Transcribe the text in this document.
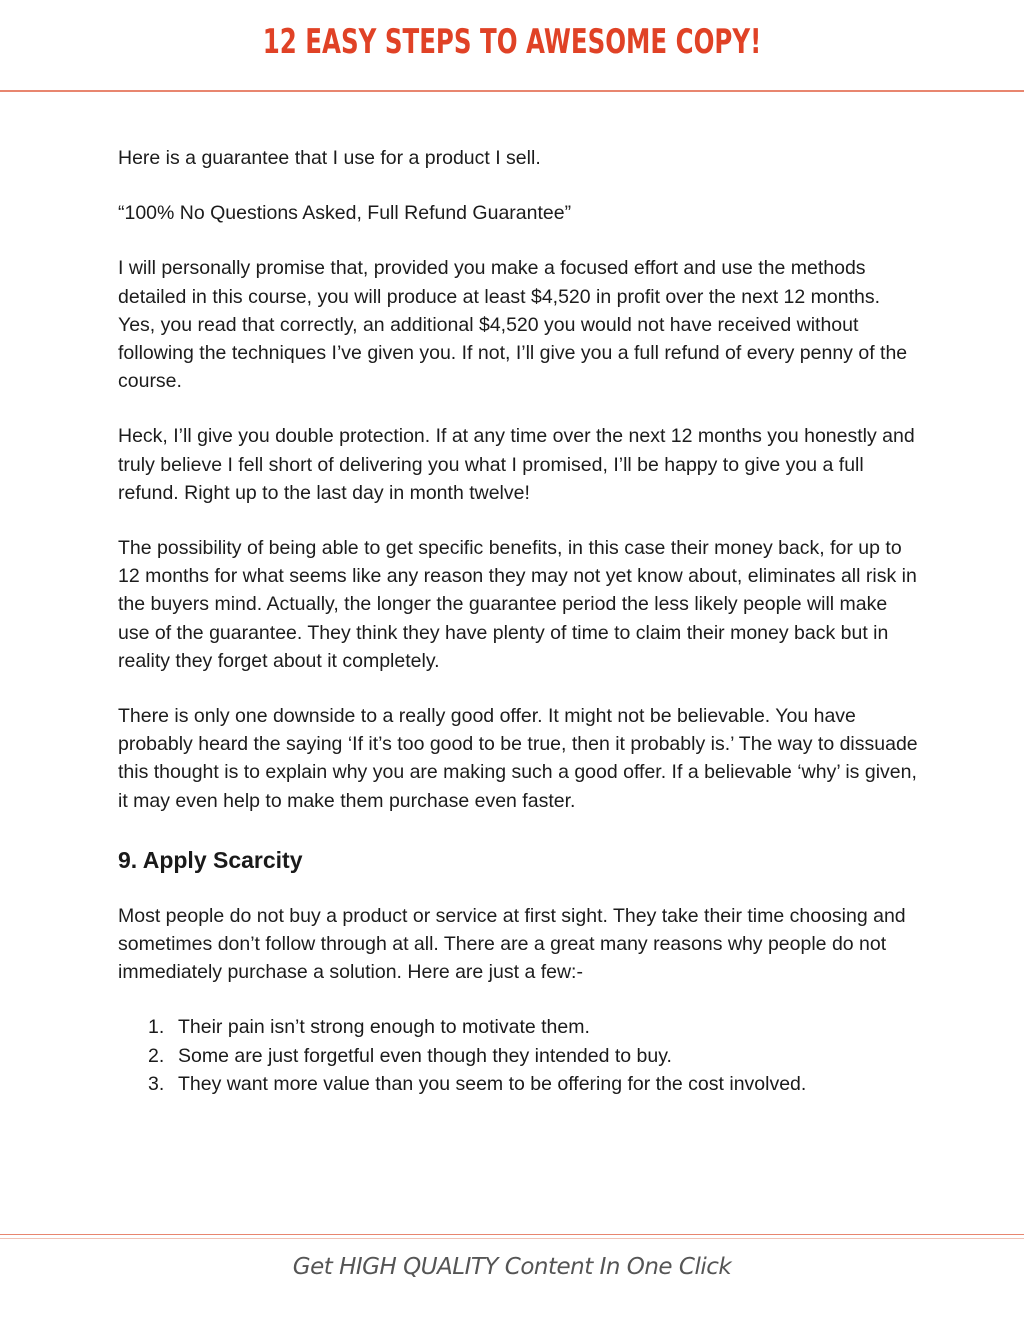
12 EASY STEPS TO AWESOME COPY!

Here is a guarantee that I use for a product I sell.

“100% No Questions Asked, Full Refund Guarantee”

I will personally promise that, provided you make a focused effort and use the methods detailed in this course, you will produce at least $4,520 in profit over the next 12 months. Yes, you read that correctly, an additional $4,520 you would not have received without following the techniques I’ve given you. If not, I’ll give you a full refund of every penny of the course.

Heck, I’ll give you double protection. If at any time over the next 12 months you honestly and truly believe I fell short of delivering you what I promised, I’ll be happy to give you a full refund. Right up to the last day in month twelve!

The possibility of being able to get specific benefits, in this case their money back, for up to 12 months for what seems like any reason they may not yet know about, eliminates all risk in the buyers mind. Actually, the longer the guarantee period the less likely people will make use of the guarantee. They think they have plenty of time to claim their money back but in reality they forget about it completely.

There is only one downside to a really good offer. It might not be believable. You have probably heard the saying ‘If it’s too good to be true, then it probably is.’ The way to dissuade this thought is to explain why you are making such a good offer. If a believable ‘why’ is given, it may even help to make them purchase even faster.

9. Apply Scarcity

Most people do not buy a product or service at first sight. They take their time choosing and sometimes don’t follow through at all. There are a great many reasons why people do not immediately purchase a solution. Here are just a few:-

1. Their pain isn’t strong enough to motivate them.
2. Some are just forgetful even though they intended to buy.
3. They want more value than you seem to be offering for the cost involved.
Get HIGH QUALITY Content In One Click
